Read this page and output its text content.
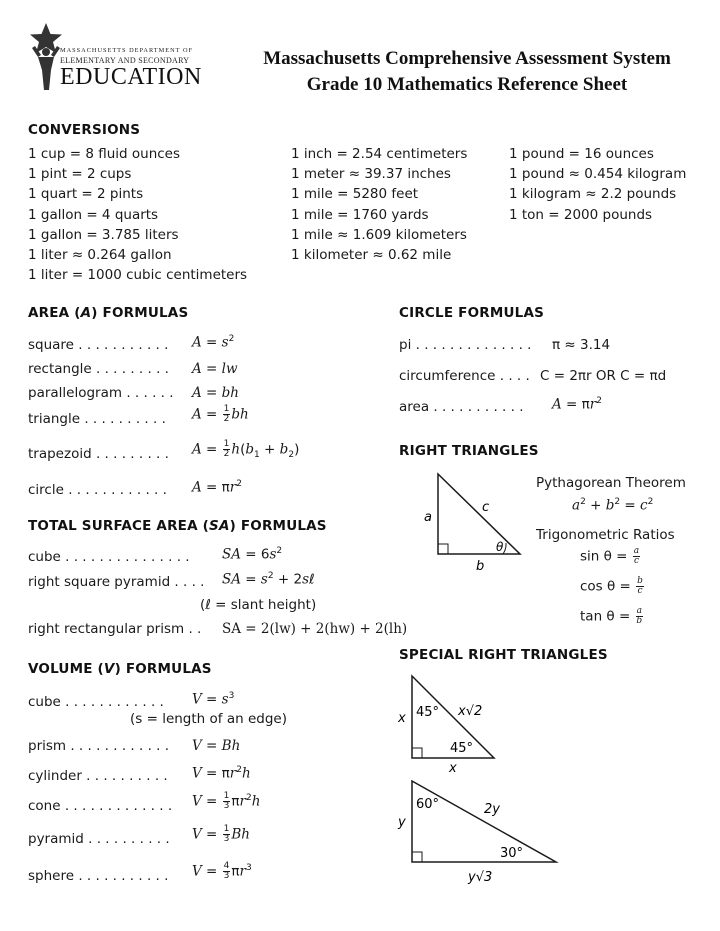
MASSACHUSETTS DEPARTMENT OF
ELEMENTARY AND SECONDARY
EDUCATION
Massachusetts Comprehensive Assessment System
Grade 10 Mathematics Reference Sheet
CONVERSIONS
1 cup = 8 fluid ounces
1 pint = 2 cups
1 quart = 2 pints
1 gallon = 4 quarts
1 gallon = 3.785 liters
1 liter ≈ 0.264 gallon
1 liter = 1000 cubic centimeters
1 inch = 2.54 centimeters
1 meter ≈ 39.37 inches
1 mile = 5280 feet
1 mile = 1760 yards
1 mile ≈ 1.609 kilometers
1 kilometer ≈ 0.62 mile
1 pound = 16 ounces
1 pound ≈ 0.454 kilogram
1 kilogram ≈ 2.2 pounds
1 ton = 2000 pounds
AREA (A) FORMULAS
square . . . . . . . . . . . $A = s^2$
rectangle . . . . . . . . . A = lw
parallelogram . . . . . . A = bh
triangle . . . . . . . . . . $A = \frac{1}{2}$ bh
trapezoid . . . . . . . . . $A = \frac{1}{2} h(b_1 + b_2)$
circle . . . . . . . . . . . . $A = \pi r^2$
TOTAL SURFACE AREA (SA) FORMULAS
cube . . . . . . . . . . . . . . . SA = $6s^2$
right square pyramid . . . . SA = $s^2$ + 2sℓ
(ℓ = slant height)
right rectangular prism . . SA = 2(lw) + 2(hw) + 2(lh)
VOLUME (V) FORMULAS
cube . . . . . . . . . . . . $V = s^3$
(s = length of an edge)
prism . . . . . . . . . . . . V = Bh
cylinder . . . . . . . . . . $V = \pi r^2h$
cone . . . . . . . . . . . . . $V = \frac{1}{3} \pi r^2h$
pyramid . . . . . . . . . . $V = \frac{1}{3}$ Bh
sphere . . . . . . . . . . . $V = \frac{4}{3} \pi r^3$
CIRCLE FORMULAS
pi . . . . . . . . . . . . . . π ≈ 3.14
circumference . . . . C = 2πr OR C = πd
area . . . . . . . . . . . $A = \pi r^2$
RIGHT TRIANGLES
a
c
b
θ
Pythagorean Theorem
$a^2 + b^2 = c^2$
Trigonometric Ratios
$\sin \theta = \frac{a}{c}$
$\cos \theta = \frac{b}{c}$
$\tan \theta = \frac{a}{b}$
SPECIAL RIGHT TRIANGLES
x
x
x√2
45°
45°
y
2y
y√3
60°
30°
